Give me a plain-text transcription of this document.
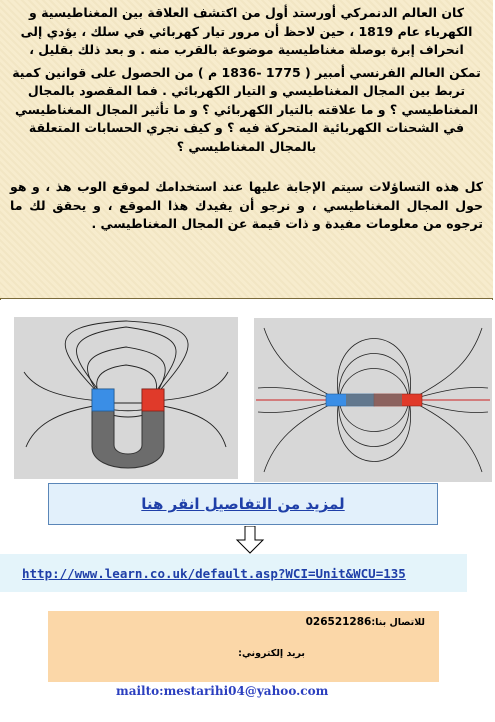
كان العالم الدنمركي أورستد أول من اكتشف العلاقة بين المغناطيسية و الكهرباء عام 1819 ، حين لاحظ أن مرور تيار كهربائي في سلك ، يؤدي إلى انحراف إبرة بوصلة مغناطيسية موضوعة بالقرب منه . و بعد ذلك بقليل ،

تمكن العالم الفرنسي أمبير ( 1775 -1836 م ) من الحصول على قوانين كمية تربط بين المجال المغناطيسي و التيار الكهربائي . فما المقصود بالمجال المغناطيسي ؟ و ما علاقته بالتيار الكهربائي ؟ و ما تأثير المجال المغناطيسي في الشحنات الكهربائية المتحركة فيه ؟ و كيف نجري الحسابات المتعلقة بالمجال المغناطيسي ؟

كل هذه التساؤلات سيتم الإجابة عليها عند استخدامك لموقع الوب هذ ، و هو حول المجال المغناطيسي ، و نرجو أن يفيدك هذا الموقع ، و يحقق لك ما ترجوه من معلومات مفيدة و ذات قيمة عن المجال المغناطيسي .

لمزيد من التفاصيل انقر هنا
http://www.learn.co.uk/default.asp?WCI=Unit&WCU=135
للاتصال بنا:026521286
بريد إلكتروني:
mailto:mestarihi04@yahoo.com
